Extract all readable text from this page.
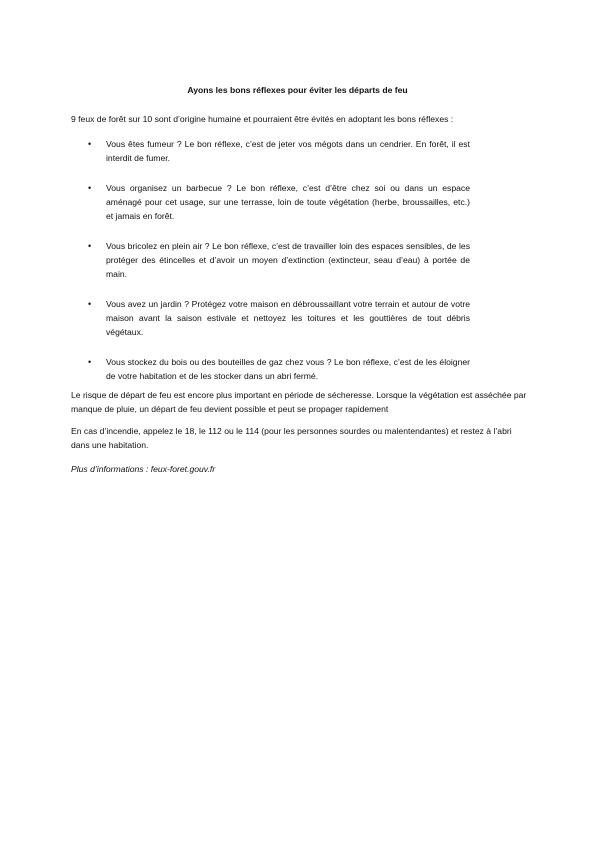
Ayons les bons réflexes pour éviter les départs de feu
9 feux de forêt sur 10 sont d’origine humaine et pourraient être évités en adoptant les bons réflexes :
•	Vous êtes fumeur ? Le bon réflexe, c’est de jeter vos mégots dans un cendrier. En forêt, il est interdit de fumer.
•	Vous organisez un barbecue ? Le bon réflexe, c’est d’être chez soi ou dans un espace aménagé pour cet usage, sur une terrasse, loin de toute végétation (herbe, broussailles, etc.) et jamais en forêt.
•	Vous bricolez en plein air ? Le bon réflexe, c’est de travailler loin des espaces sensibles, de les protéger des étincelles et d’avoir un moyen d’extinction (extincteur, seau d’eau) à portée de main.
•	Vous avez un jardin ? Protégez votre maison en débroussaillant votre terrain et autour de votre maison avant la saison estivale et nettoyez les toitures et les gouttières de tout débris végétaux.
•	Vous stockez du bois ou des bouteilles de gaz chez vous ? Le bon réflexe, c’est de les éloigner de votre habitation et de les stocker dans un abri fermé.
Le risque de départ de feu est encore plus important en période de sécheresse. Lorsque la végétation est asséchée par manque de pluie, un départ de feu devient possible et peut se propager rapidement
En cas d’incendie, appelez le 18, le 112 ou le 114 (pour les personnes sourdes ou malentendantes) et restez à l’abri dans une habitation.
Plus d’informations : feux-foret.gouv.fr
